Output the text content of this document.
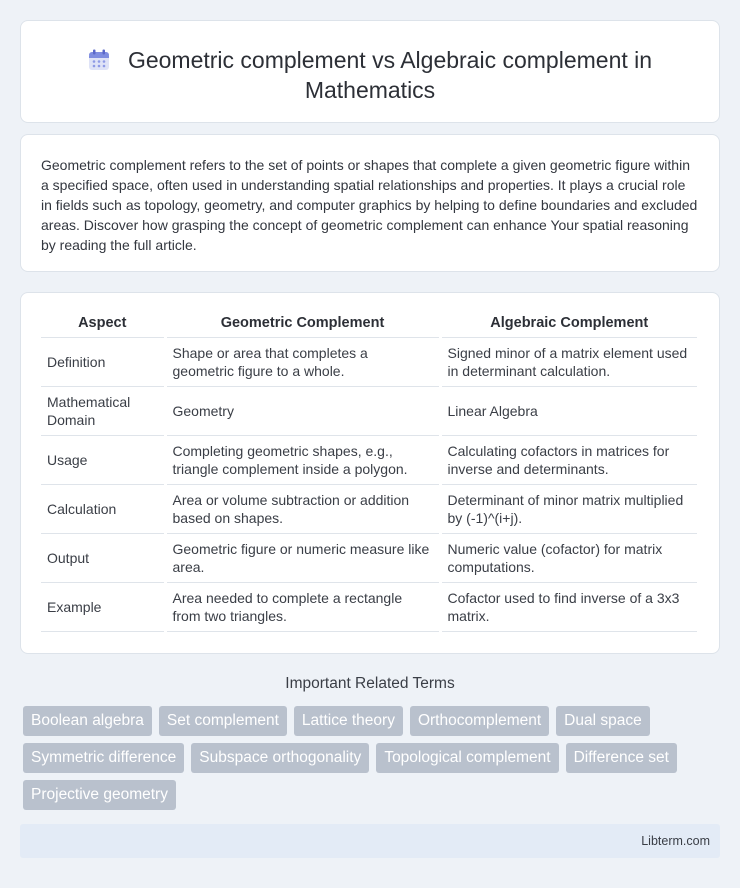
Geometric complement vs Algebraic complement in Mathematics

Geometric complement refers to the set of points or shapes that complete a given geometric figure within a specified space, often used in understanding spatial relationships and properties. It plays a crucial role in fields such as topology, geometry, and computer graphics by helping to define boundaries and excluded areas. Discover how grasping the concept of geometric complement can enhance Your spatial reasoning by reading the full article.

Aspect	Geometric Complement	Algebraic Complement
Definition	Shape or area that completes a geometric figure to a whole.	Signed minor of a matrix element used in determinant calculation.
Mathematical Domain	Geometry	Linear Algebra
Usage	Completing geometric shapes, e.g., triangle complement inside a polygon.	Calculating cofactors in matrices for inverse and determinants.
Calculation	Area or volume subtraction or addition based on shapes.	Determinant of minor matrix multiplied by (-1)^(i+j).
Output	Geometric figure or numeric measure like area.	Numeric value (cofactor) for matrix computations.
Example	Area needed to complete a rectangle from two triangles.	Cofactor used to find inverse of a 3x3 matrix.
Important Related Terms
Boolean algebra	Set complement	Lattice theory	Orthocomplement	Dual space
Symmetric difference	Subspace orthogonality	Topological complement	Difference set
Projective geometry
Libterm.com
